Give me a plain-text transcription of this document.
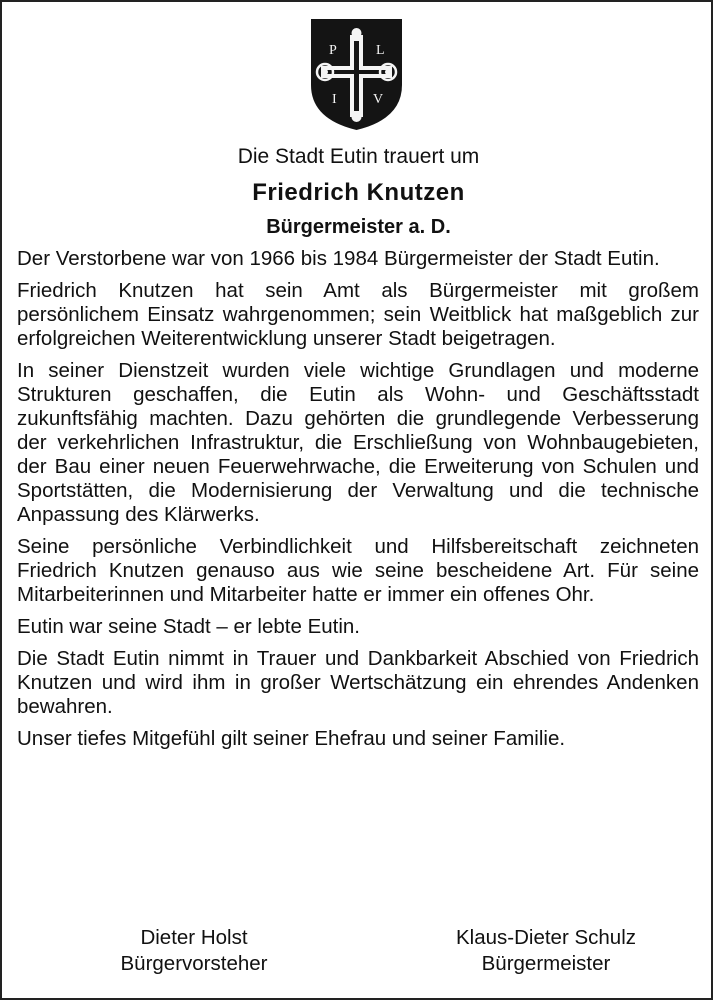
P	L
I	V
Die Stadt Eutin trauert um
Friedrich Knutzen
Bürgermeister a. D.

Der Verstorbene war von 1966 bis 1984 Bürgermeister der Stadt Eutin.

Friedrich Knutzen hat sein Amt als Bürgermeister mit großem persönlichem Einsatz wahrgenommen; sein Weitblick hat maßgeblich zur erfolgreichen Weiterentwicklung unserer Stadt beigetragen.

In seiner Dienstzeit wurden viele wichtige Grundlagen und moderne Strukturen geschaffen, die Eutin als Wohn- und Geschäftsstadt zukunftsfähig machten. Dazu gehörten die grundlegende Verbesserung der verkehrlichen Infrastruktur, die Erschließung von Wohnbaugebieten, der Bau einer neuen Feuerwehrwache, die Erweiterung von Schulen und Sportstätten, die Modernisierung der Verwaltung und die technische Anpassung des Klärwerks.

Seine persönliche Verbindlichkeit und Hilfsbereitschaft zeichneten Friedrich Knutzen genauso aus wie seine bescheidene Art. Für seine Mitarbeiterinnen und Mitarbeiter hatte er immer ein offenes Ohr.

Eutin war seine Stadt – er lebte Eutin.

Die Stadt Eutin nimmt in Trauer und Dankbarkeit Abschied von Friedrich Knutzen und wird ihm in großer Wertschätzung ein ehrendes Andenken bewahren.

Unser tiefes Mitgefühl gilt seiner Ehefrau und seiner Familie.

Dieter Holst
Bürgervorsteher
Klaus-Dieter Schulz
Bürgermeister
